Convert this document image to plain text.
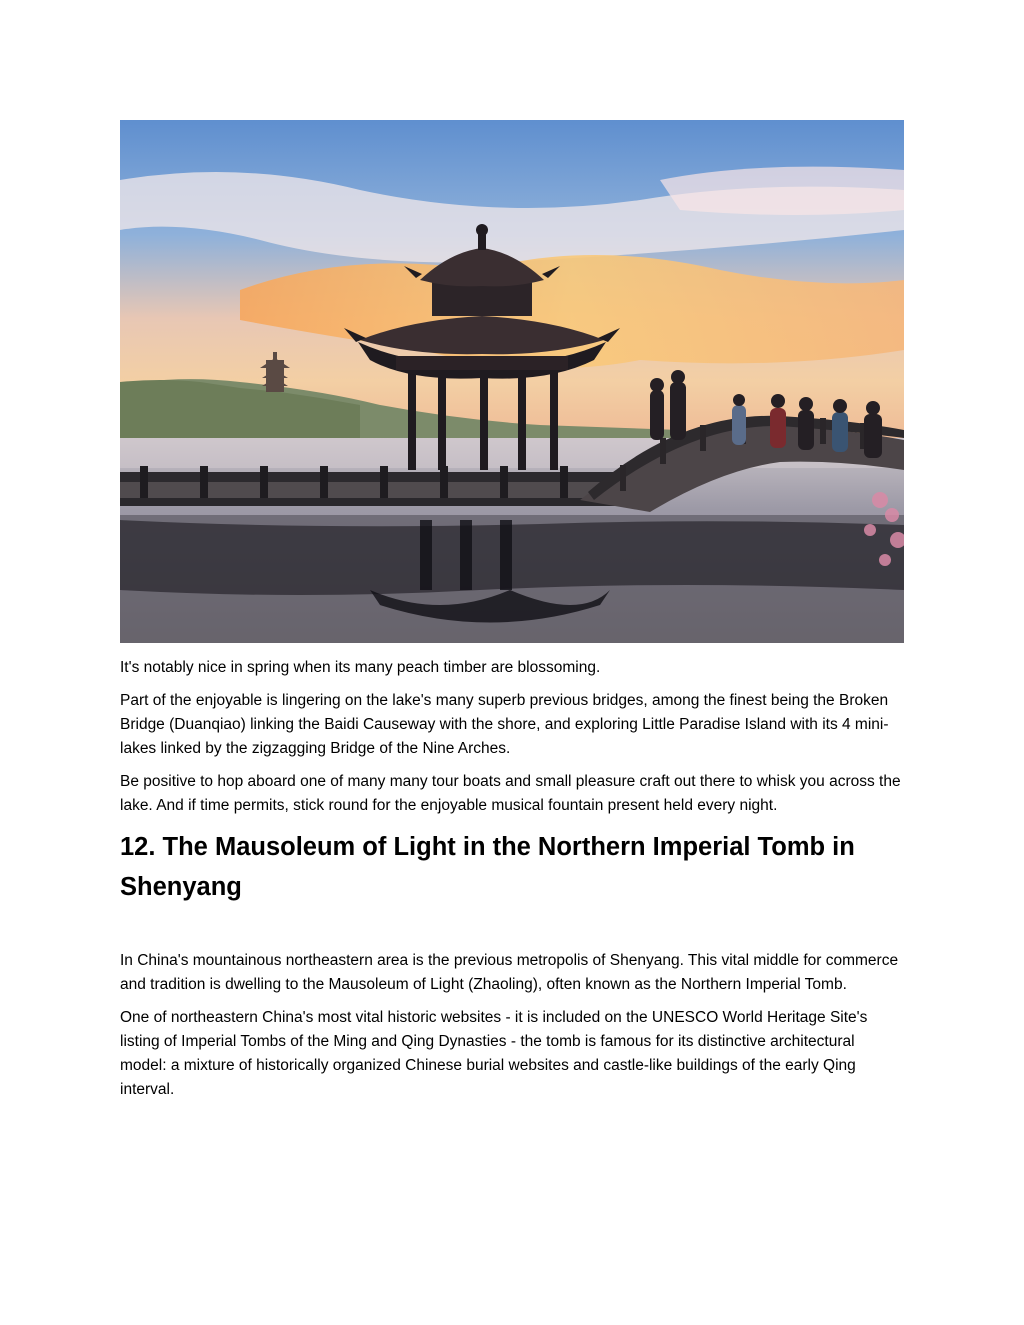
It's notably nice in spring when its many peach timber are blossoming.

Part of the enjoyable is lingering on the lake's many superb previous bridges, among the finest being the Broken Bridge (Duanqiao) linking the Baidi Causeway with the shore, and exploring Little Paradise Island with its 4 mini-lakes linked by the zigzagging Bridge of the Nine Arches.

Be positive to hop aboard one of many many tour boats and small pleasure craft out there to whisk you across the lake. And if time permits, stick round for the enjoyable musical fountain present held every night.

12. The Mausoleum of Light in the Northern Imperial Tomb in Shenyang

In China's mountainous northeastern area is the previous metropolis of Shenyang. This vital middle for commerce and tradition is dwelling to the Mausoleum of Light (Zhaoling), often known as the Northern Imperial Tomb.

One of northeastern China's most vital historic websites - it is included on the UNESCO World Heritage Site's listing of Imperial Tombs of the Ming and Qing Dynasties - the tomb is famous for its distinctive architectural model: a mixture of historically organized Chinese burial websites and castle-like buildings of the early Qing interval.
